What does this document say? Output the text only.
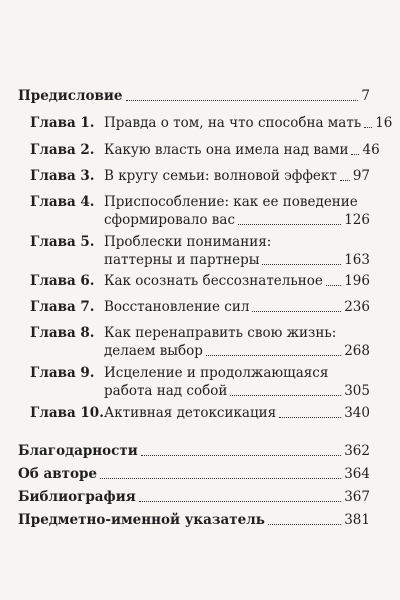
Предисловие	7
Глава 1. Правда о том, на что способна мать 16
Глава 2. Какую власть она имела над вами 46
Глава 3. В кругу семьи: волновой эффект 97
Глава 4. Приспособление: как ее поведение
сформировало вас	126
Глава 5. Проблески понимания:
паттерны и партнеры	163
Глава 6. Как осознать бессознательное 196
Глава 7. Восстановление сил	236
Глава 8. Как перенаправить свою жизнь:
делаем выбор	268
Глава 9. Исцеление и продолжающаяся
работа над собой	305
Глава 10. Активная детоксикация	340
Благодарности	362
Об авторе	364
Библиография	367
Предметно-именной указатель	381
